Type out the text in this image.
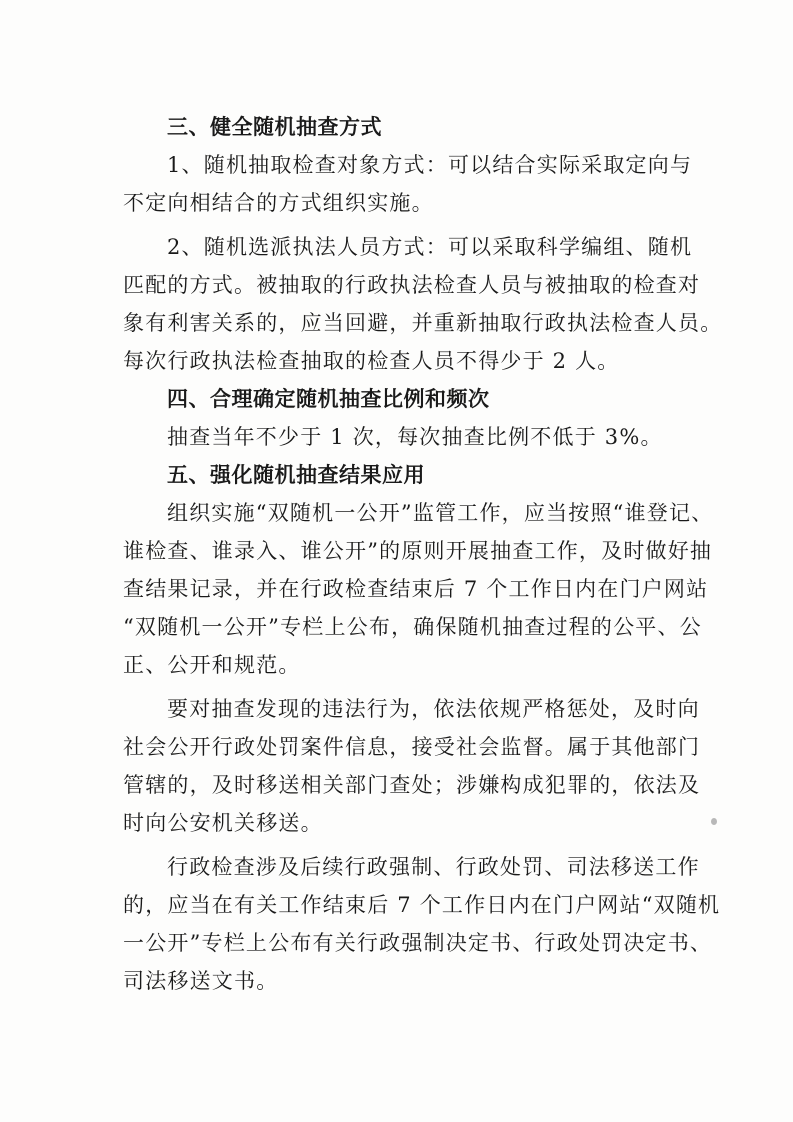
三、健全随机抽查方式
1、随机抽取检查对象方式：可以结合实际采取定向与
不定向相结合的方式组织实施。
2、随机选派执法人员方式：可以采取科学编组、随机
匹配的方式。被抽取的行政执法检查人员与被抽取的检查对
象有利害关系的，应当回避，并重新抽取行政执法检查人员。
每次行政执法检查抽取的检查人员不得少于 2 人。
四、合理确定随机抽查比例和频次
抽查当年不少于 1 次，每次抽查比例不低于 3%。
五、强化随机抽查结果应用
组织实施“双随机一公开”监管工作，应当按照“谁登记、
谁检查、谁录入、谁公开”的原则开展抽查工作，及时做好抽
查结果记录，并在行政检查结束后 7 个工作日内在门户网站
“双随机一公开”专栏上公布，确保随机抽查过程的公平、公
正、公开和规范。
要对抽查发现的违法行为，依法依规严格惩处，及时向
社会公开行政处罚案件信息，接受社会监督。属于其他部门
管辖的，及时移送相关部门查处；涉嫌构成犯罪的，依法及
时向公安机关移送。
行政检查涉及后续行政强制、行政处罚、司法移送工作
的，应当在有关工作结束后 7 个工作日内在门户网站“双随机
一公开”专栏上公布有关行政强制决定书、行政处罚决定书、
司法移送文书。
